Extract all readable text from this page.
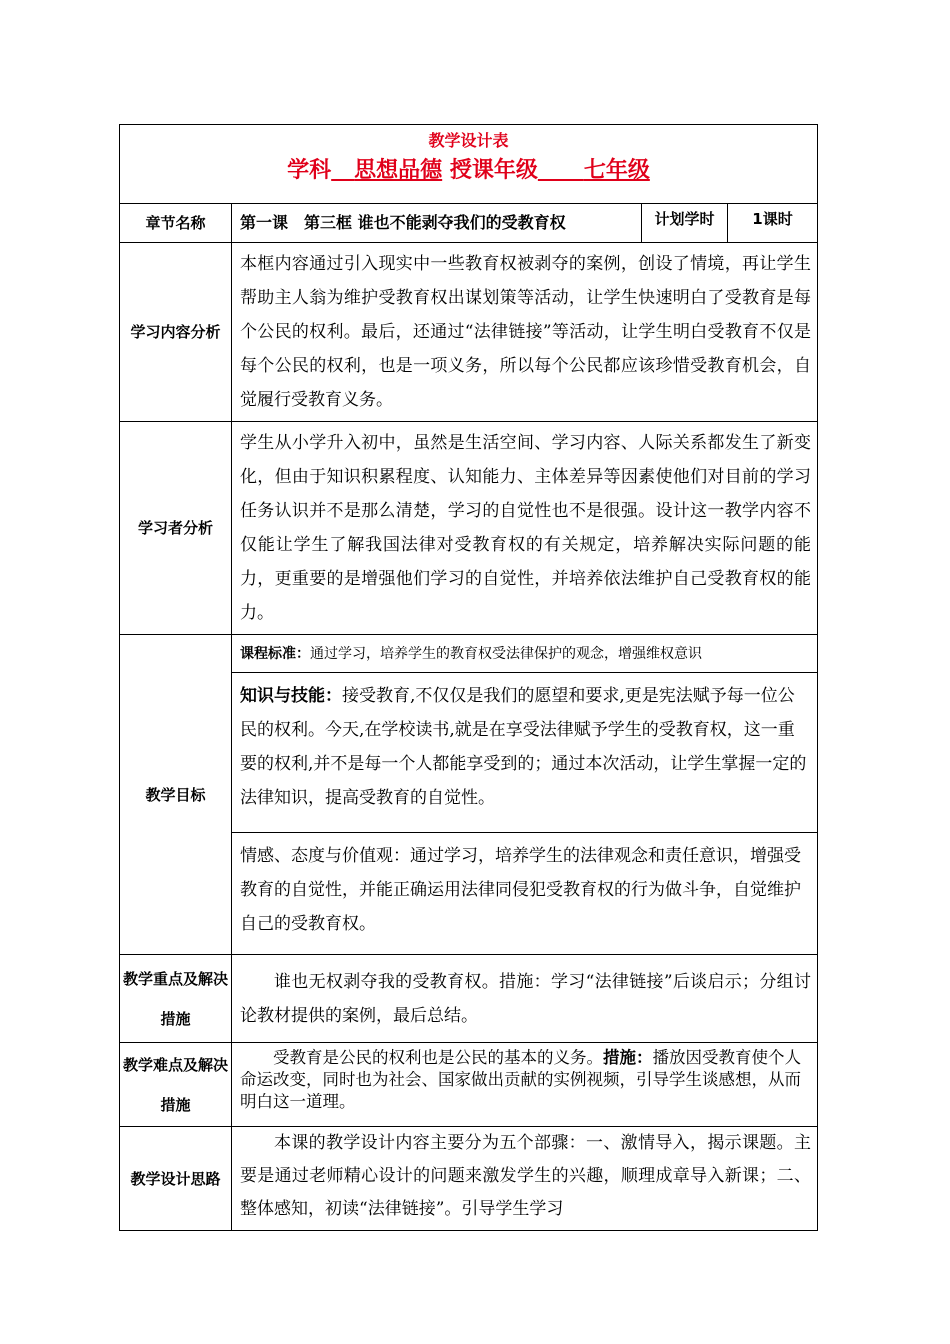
教学设计表
学科 思想品德 授课年级 七年级			

章节名称	第一课　第三框 谁也不能剥夺我们的受教育权	计划学时	1课时
学习内容分析	本框内容通过引入现实中一些教育权被剥夺的案例，创设了情境，再让学生帮助主人翁为维护受教育权出谋划策等活动，让学生快速明白了受教育是每个公民的权利。最后，还通过“法律链接”等活动，让学生明白受教育不仅是每个公民的权利，也是一项义务，所以每个公民都应该珍惜受教育机会，自觉履行受教育义务。		
学习者分析	学生从小学升入初中，虽然是生活空间、学习内容、人际关系都发生了新变化，但由于知识积累程度、认知能力、主体差异等因素使他们对目前的学习任务认识并不是那么清楚，学习的自觉性也不是很强。设计这一教学内容不仅能让学生了解我国法律对受教育权的有关规定，培养解决实际问题的能力，更重要的是增强他们学习的自觉性，并培养依法维护自己受教育权的能力。		
教学目标	课程标准：通过学习，培养学生的教育权受法律保护的观念，增强维权意识		
	知识与技能：接受教育,不仅仅是我们的愿望和要求,更是宪法赋予每一位公民的权利。今天,在学校读书,就是在享受法律赋予学生的受教育权，这一重要的权利,并不是每一个人都能享受到的；通过本次活动，让学生掌握一定的法律知识，提高受教育的自觉性。		
	情感、态度与价值观：通过学习，培养学生的法律观念和责任意识，增强受教育的自觉性，并能正确运用法律同侵犯受教育权的行为做斗争，自觉维护自己的受教育权。		
教学重点及解决措施	谁也无权剥夺我的受教育权。措施：学习“法律链接”后谈启示；分组讨论教材提供的案例，最后总结。		
教学难点及解决措施	受教育是公民的权利也是公民的基本的义务。措施：播放因受教育使个人命运改变，同时也为社会、国家做出贡献的实例视频，引导学生谈感想，从而明白这一道理。		
教学设计思路	本课的教学设计内容主要分为五个部骤：一、激情导入，揭示课题。主要是通过老师精心设计的问题来激发学生的兴趣，顺理成章导入新课；二、整体感知，初读“法律链接”。引导学生学习		
